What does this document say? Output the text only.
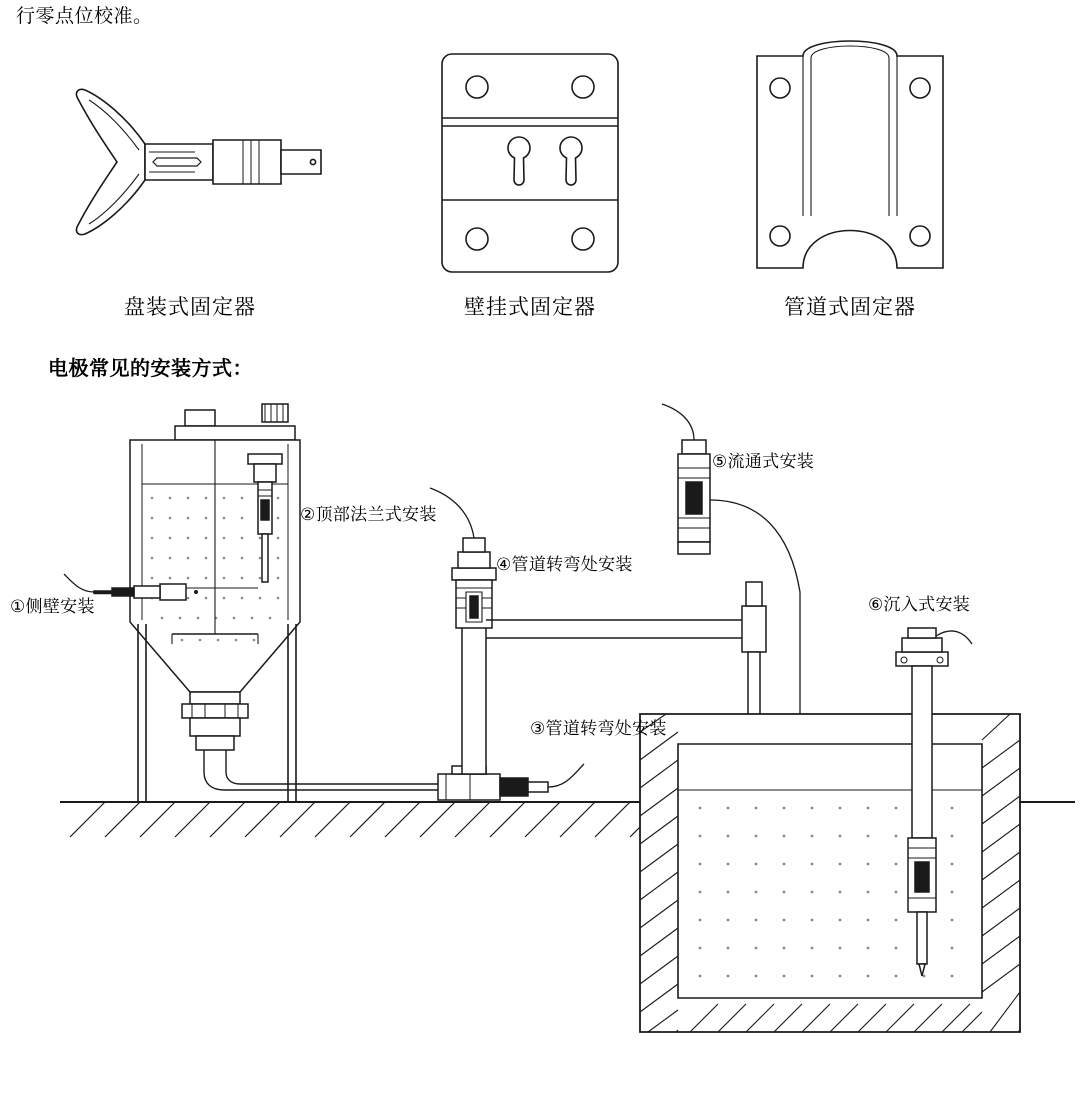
行零点位校准。
盘装式固定器	壁挂式固定器	管道式固定器
电极常见的安装方式：
①侧壁安装
②顶部法兰式安装
③管道转弯处安装
④管道转弯处安装
⑤流通式安装
⑥沉入式安装
